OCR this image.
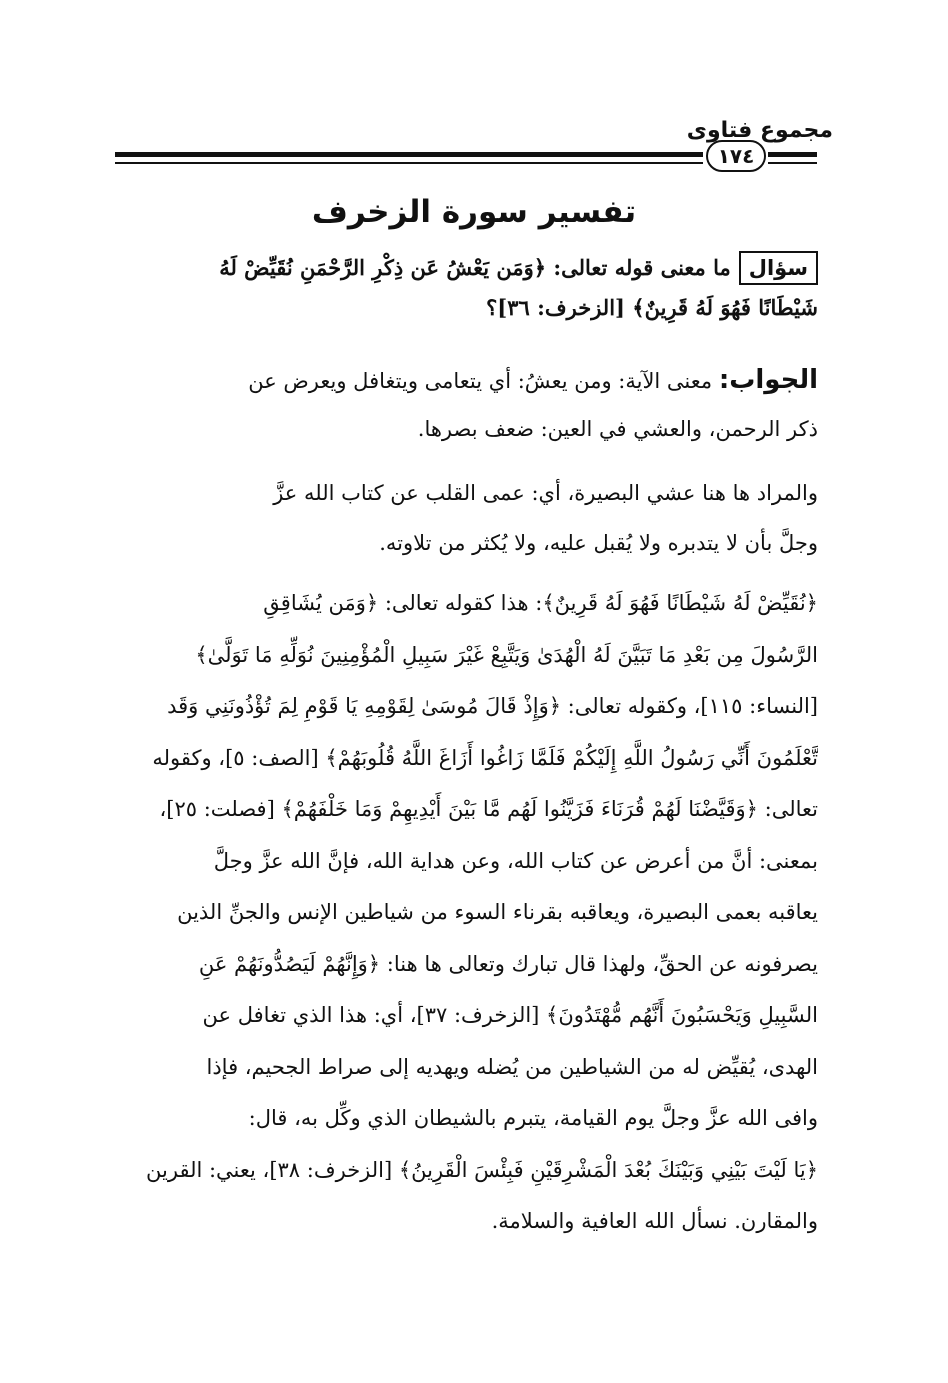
مجموع فتاوى
١٧٤
تفسير سورة الزخرف
سؤالما معنى قوله تعالى: ﴿وَمَن يَعْشُ عَن ذِكْرِ الرَّحْمَنِ نُقَيِّضْ لَهُ
شَيْطَانًا فَهُوَ لَهُ قَرِينٌ﴾ [الزخرف: ٣٦]؟
الجواب: معنى الآية: ومن يعشُ: أي يتعامى ويتغافل ويعرض عن
ذكر الرحمن، والعشي في العين: ضعف بصرها.
والمراد ها هنا عشي البصيرة، أي: عمى القلب عن كتاب الله عزَّ
وجلَّ بأن لا يتدبره ولا يُقبل عليه، ولا يُكثر من تلاوته.
﴿نُقَيِّضْ لَهُ شَيْطَانًا فَهُوَ لَهُ قَرِينٌ﴾: هذا كقوله تعالى: ﴿وَمَن يُشَاقِقِ
الرَّسُولَ مِن بَعْدِ مَا تَبَيَّنَ لَهُ الْهُدَىٰ وَيَتَّبِعْ غَيْرَ سَبِيلِ الْمُؤْمِنِينَ نُوَلِّهِ مَا تَوَلَّىٰ﴾
[النساء: ١١٥]، وكقوله تعالى: ﴿وَإِذْ قَالَ مُوسَىٰ لِقَوْمِهِ يَا قَوْمِ لِمَ تُؤْذُونَنِي وَقَد
تَّعْلَمُونَ أَنِّي رَسُولُ اللَّهِ إِلَيْكُمْ فَلَمَّا زَاغُوا أَزَاغَ اللَّهُ قُلُوبَهُمْ﴾ [الصف: ٥]، وكقوله
تعالى: ﴿وَقَيَّضْنَا لَهُمْ قُرَنَاءَ فَزَيَّنُوا لَهُم مَّا بَيْنَ أَيْدِيهِمْ وَمَا خَلْفَهُمْ﴾ [فصلت: ٢٥]،
بمعنى: أنَّ من أعرض عن كتاب الله، وعن هداية الله، فإنَّ الله عزَّ وجلَّ
يعاقبه بعمى البصيرة، ويعاقبه بقرناء السوء من شياطين الإنس والجنِّ الذين
يصرفونه عن الحقِّ، ولهذا قال تبارك وتعالى ها هنا: ﴿وَإِنَّهُمْ لَيَصُدُّونَهُمْ عَنِ
السَّبِيلِ وَيَحْسَبُونَ أَنَّهُم مُّهْتَدُونَ﴾ [الزخرف: ٣٧]، أي: هذا الذي تغافل عن
الهدى، يُقيِّض له من الشياطين من يُضله ويهديه إلى صراط الجحيم، فإذا
وافى الله عزَّ وجلَّ يوم القيامة، يتبرم بالشيطان الذي وكِّل به، قال:
﴿يَا لَيْتَ بَيْنِي وَبَيْنَكَ بُعْدَ الْمَشْرِقَيْنِ فَبِئْسَ الْقَرِينُ﴾ [الزخرف: ٣٨]، يعني: القرين
والمقارن. نسأل الله العافية والسلامة.
